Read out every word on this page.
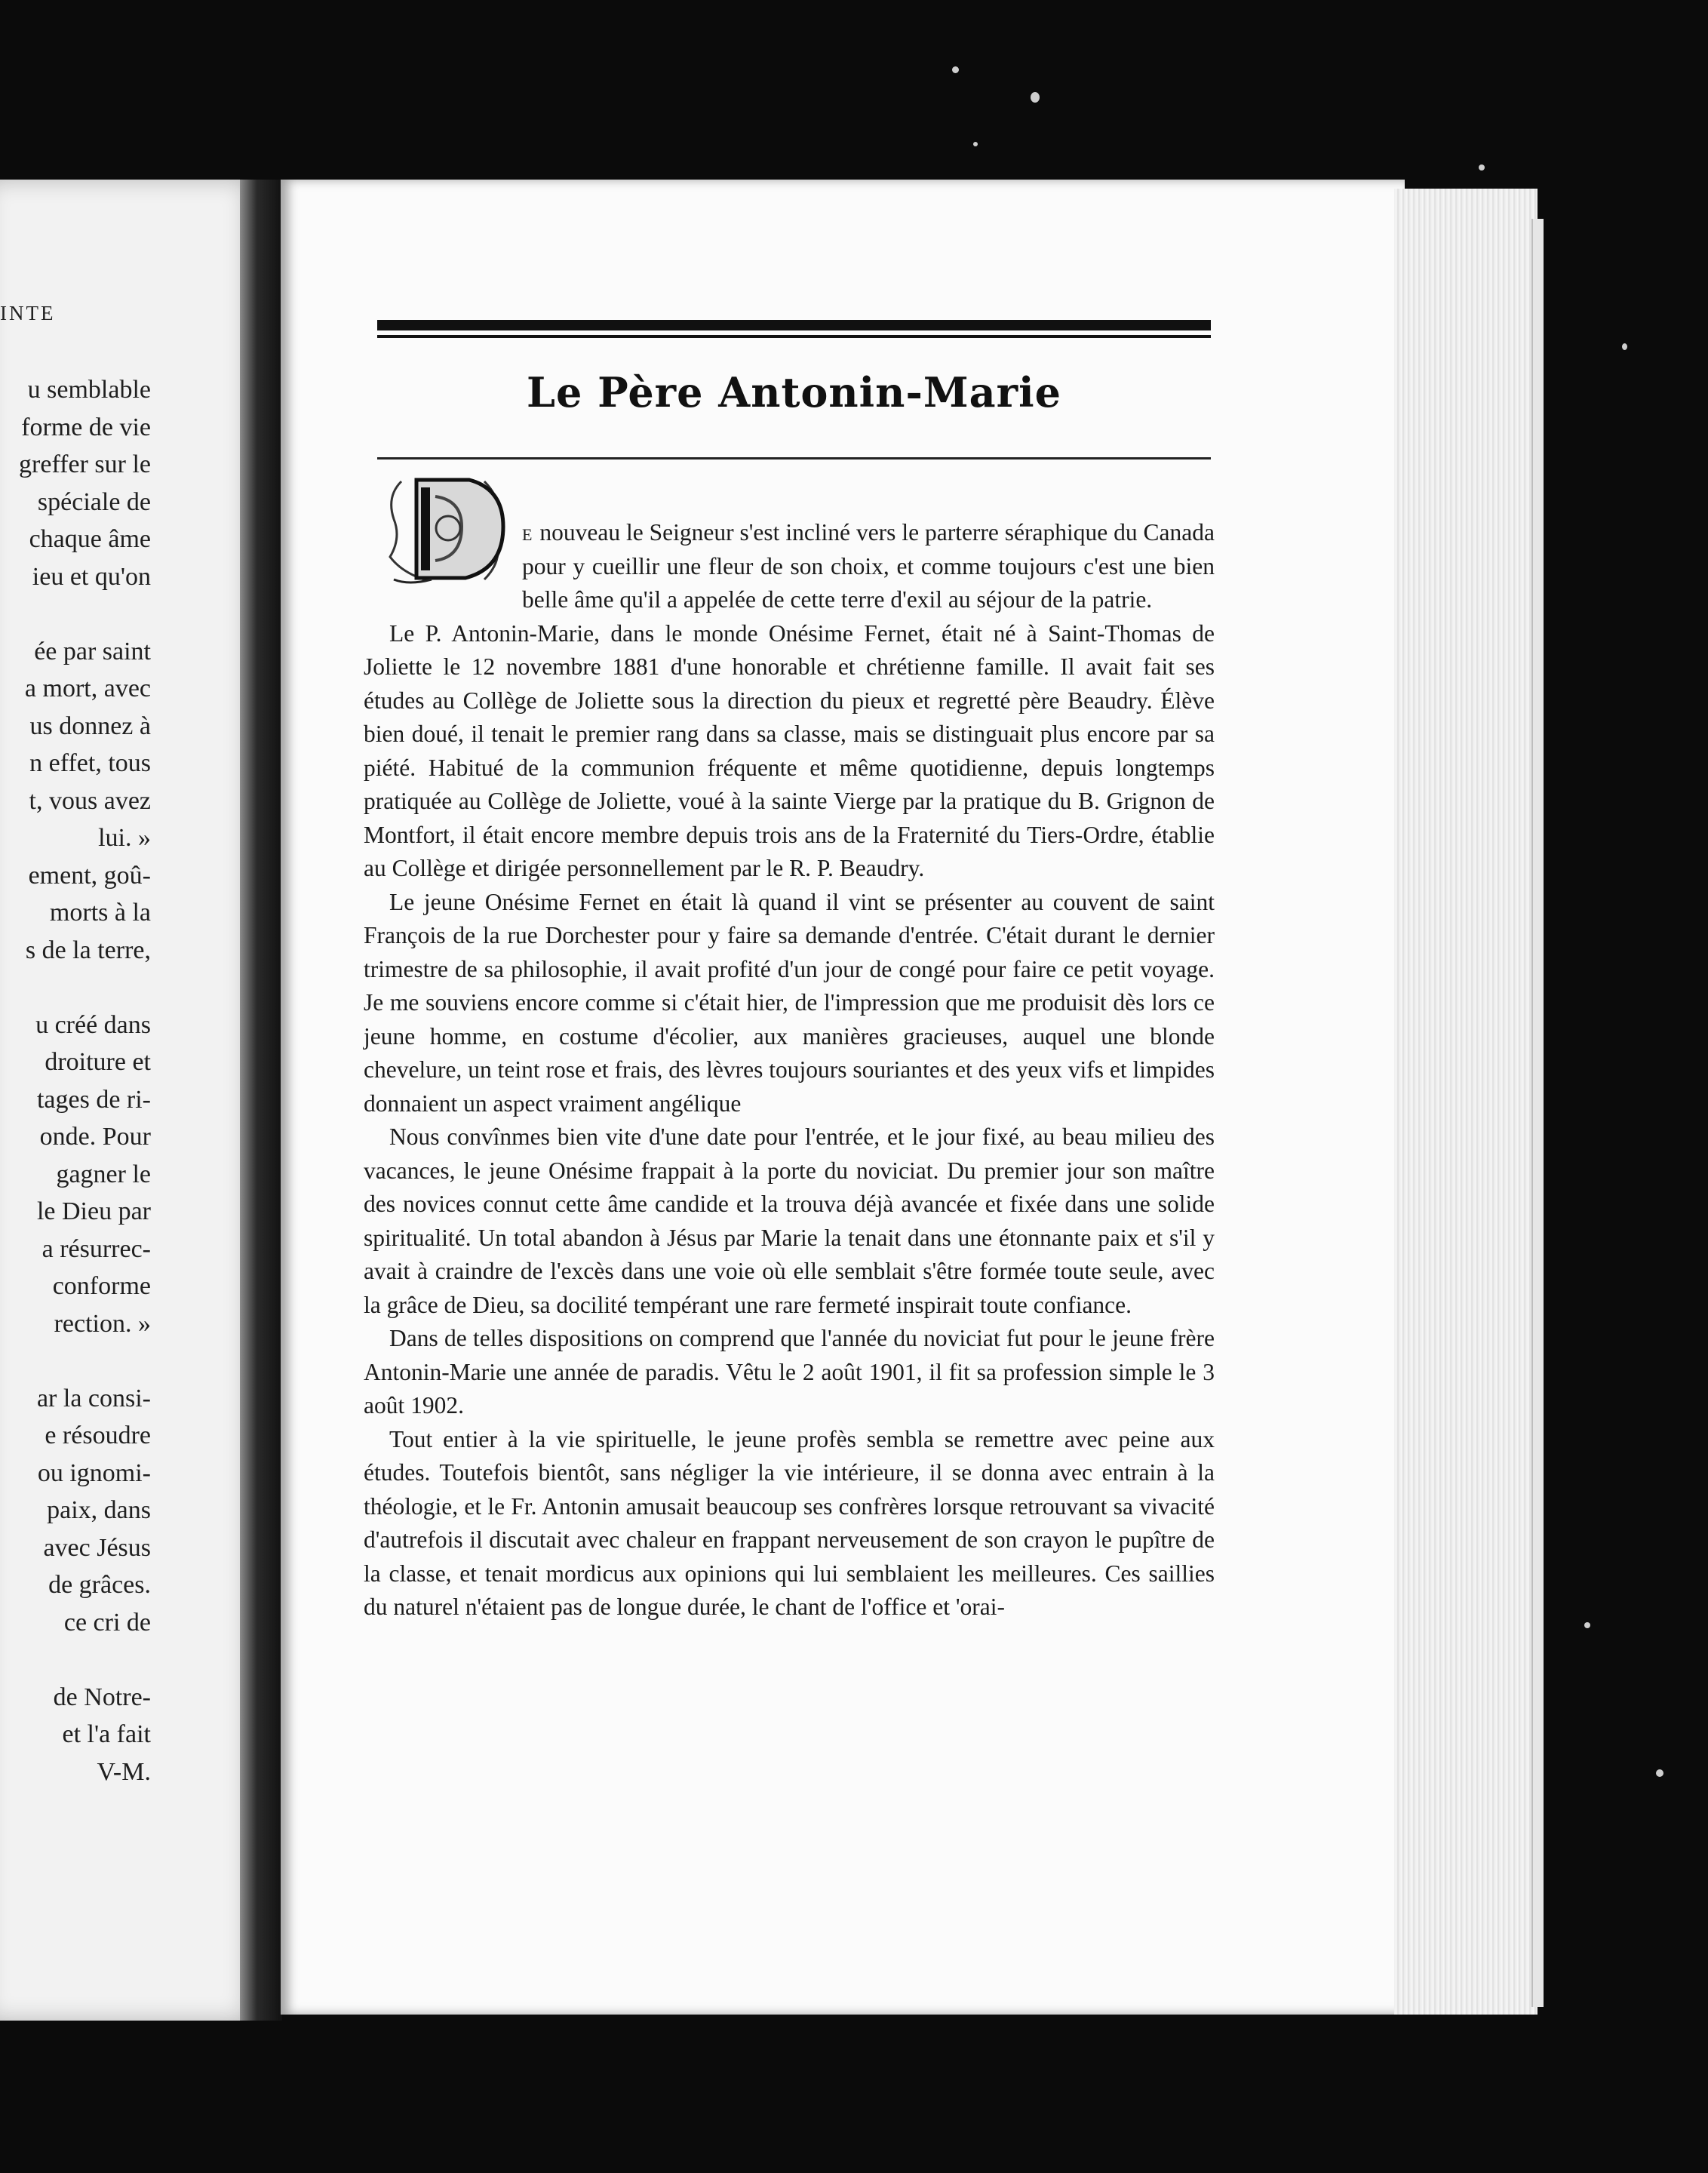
INTE
u semblable
forme de vie
greffer sur le
spéciale de
chaque âme
ieu et qu'on

ée par saint
a mort, avec
us donnez à
n effet, tous
t, vous avez
lui. »
ement, goû-
morts à la
s de la terre,

u créé dans
droiture et
tages de ri-
onde. Pour
gagner le
le Dieu par
a résurrec-
conforme
rection. »

ar la consi-
e résoudre
ou ignomi-
paix, dans
avec Jésus
de grâces.
ce cri de

de Notre-
et l'a fait
V-M.
Le Père Antonin-Marie

e nouveau le Seigneur s'est incliné vers le parterre séraphique du Canada pour y cueillir une fleur de son choix, et comme toujours c'est une bien belle âme qu'il a appelée de cette terre d'exil au séjour de la patrie.

Le P. Antonin-Marie, dans le monde Onésime Fernet, était né à Saint-Thomas de Joliette le 12 novembre 1881 d'une honorable et chrétienne famille. Il avait fait ses études au Collège de Joliette sous la direction du pieux et regretté père Beaudry. Élève bien doué, il tenait le premier rang dans sa classe, mais se distinguait plus encore par sa piété. Habitué de la communion fréquente et même quotidienne, depuis longtemps pratiquée au Collège de Joliette, voué à la sainte Vierge par la pratique du B. Grignon de Montfort, il était encore membre depuis trois ans de la Fraternité du Tiers-Ordre, établie au Collège et dirigée personnellement par le R. P. Beaudry.

Le jeune Onésime Fernet en était là quand il vint se présenter au couvent de saint François de la rue Dorchester pour y faire sa demande d'entrée. C'était durant le dernier trimestre de sa philosophie, il avait profité d'un jour de congé pour faire ce petit voyage. Je me souviens encore comme si c'était hier, de l'impression que me produisit dès lors ce jeune homme, en costume d'écolier, aux manières gracieuses, auquel une blonde chevelure, un teint rose et frais, des lèvres toujours souriantes et des yeux vifs et limpides donnaient un aspect vraiment angélique

Nous convînmes bien vite d'une date pour l'entrée, et le jour fixé, au beau milieu des vacances, le jeune Onésime frappait à la porte du noviciat. Du premier jour son maître des novices connut cette âme candide et la trouva déjà avancée et fixée dans une solide spiritualité. Un total abandon à Jésus par Marie la tenait dans une étonnante paix et s'il y avait à craindre de l'excès dans une voie où elle semblait s'être formée toute seule, avec la grâce de Dieu, sa docilité tempérant une rare fermeté inspirait toute confiance.

Dans de telles dispositions on comprend que l'année du noviciat fut pour le jeune frère Antonin-Marie une année de paradis. Vêtu le 2 août 1901, il fit sa profession simple le 3 août 1902.

Tout entier à la vie spirituelle, le jeune profès sembla se remettre avec peine aux études. Toutefois bientôt, sans négliger la vie intérieure, il se donna avec entrain à la théologie, et le Fr. Antonin amusait beaucoup ses confrères lorsque retrouvant sa vivacité d'autrefois il discutait avec chaleur en frappant nerveusement de son crayon le pupître de la classe, et tenait mordicus aux opinions qui lui semblaient les meilleures. Ces saillies du naturel n'étaient pas de longue durée, le chant de l'office et 'orai-
